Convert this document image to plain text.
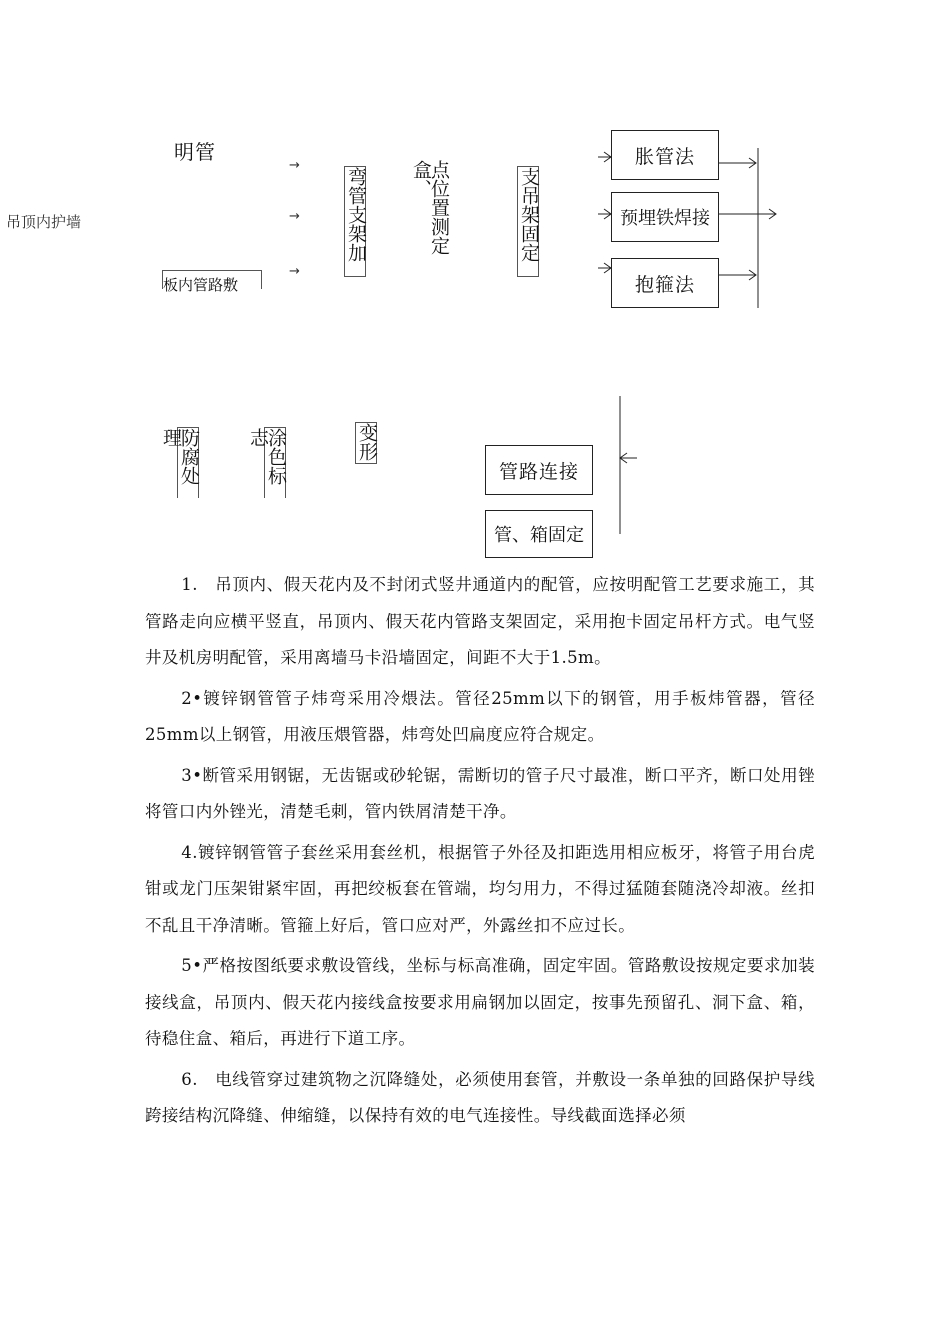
吊顶内护墙
明管
板内管路敷
→
→
→
弯管支架加	点位置测定盒、	支吊架固定
胀管法
预埋铁焊接
抱箍法
防腐处理	涂色标志	变形
管路连接
管、箱固定

1.　吊顶内、假天花内及不封闭式竖井通道内的配管，应按明配管工艺要求施工，其管路走向应横平竖直，吊顶内、假天花内管路支架固定，采用抱卡固定吊杆方式。电气竖井及机房明配管，采用离墙马卡沿墙固定，间距不大于1.5m。

2•镀锌钢管管子炜弯采用冷煨法。管径25mm以下的钢管，用手板炜管器，管径25mm以上钢管，用液压煨管器，炜弯处凹扁度应符合规定。

3•断管采用钢锯，无齿锯或砂轮锯，需断切的管子尺寸最准，断口平齐，断口处用锉将管口内外锉光，清楚毛刺，管内铁屑清楚干净。

4.镀锌钢管管子套丝采用套丝机，根据管子外径及扣距选用相应板牙，将管子用台虎钳或龙门压架钳紧牢固，再把绞板套在管端，均匀用力，不得过猛随套随浇冷却液。丝扣不乱且干净清晰。管箍上好后，管口应对严，外露丝扣不应过长。

5•严格按图纸要求敷设管线，坐标与标高准确，固定牢固。管路敷设按规定要求加装接线盒，吊顶内、假天花内接线盒按要求用扁钢加以固定，按事先预留孔、洞下盒、箱，待稳住盒、箱后，再进行下道工序。

6.　电线管穿过建筑物之沉降缝处，必须使用套管，并敷设一条单独的回路保护导线跨接结构沉降缝、伸缩缝，以保持有效的电气连接性。导线截面选择必须
